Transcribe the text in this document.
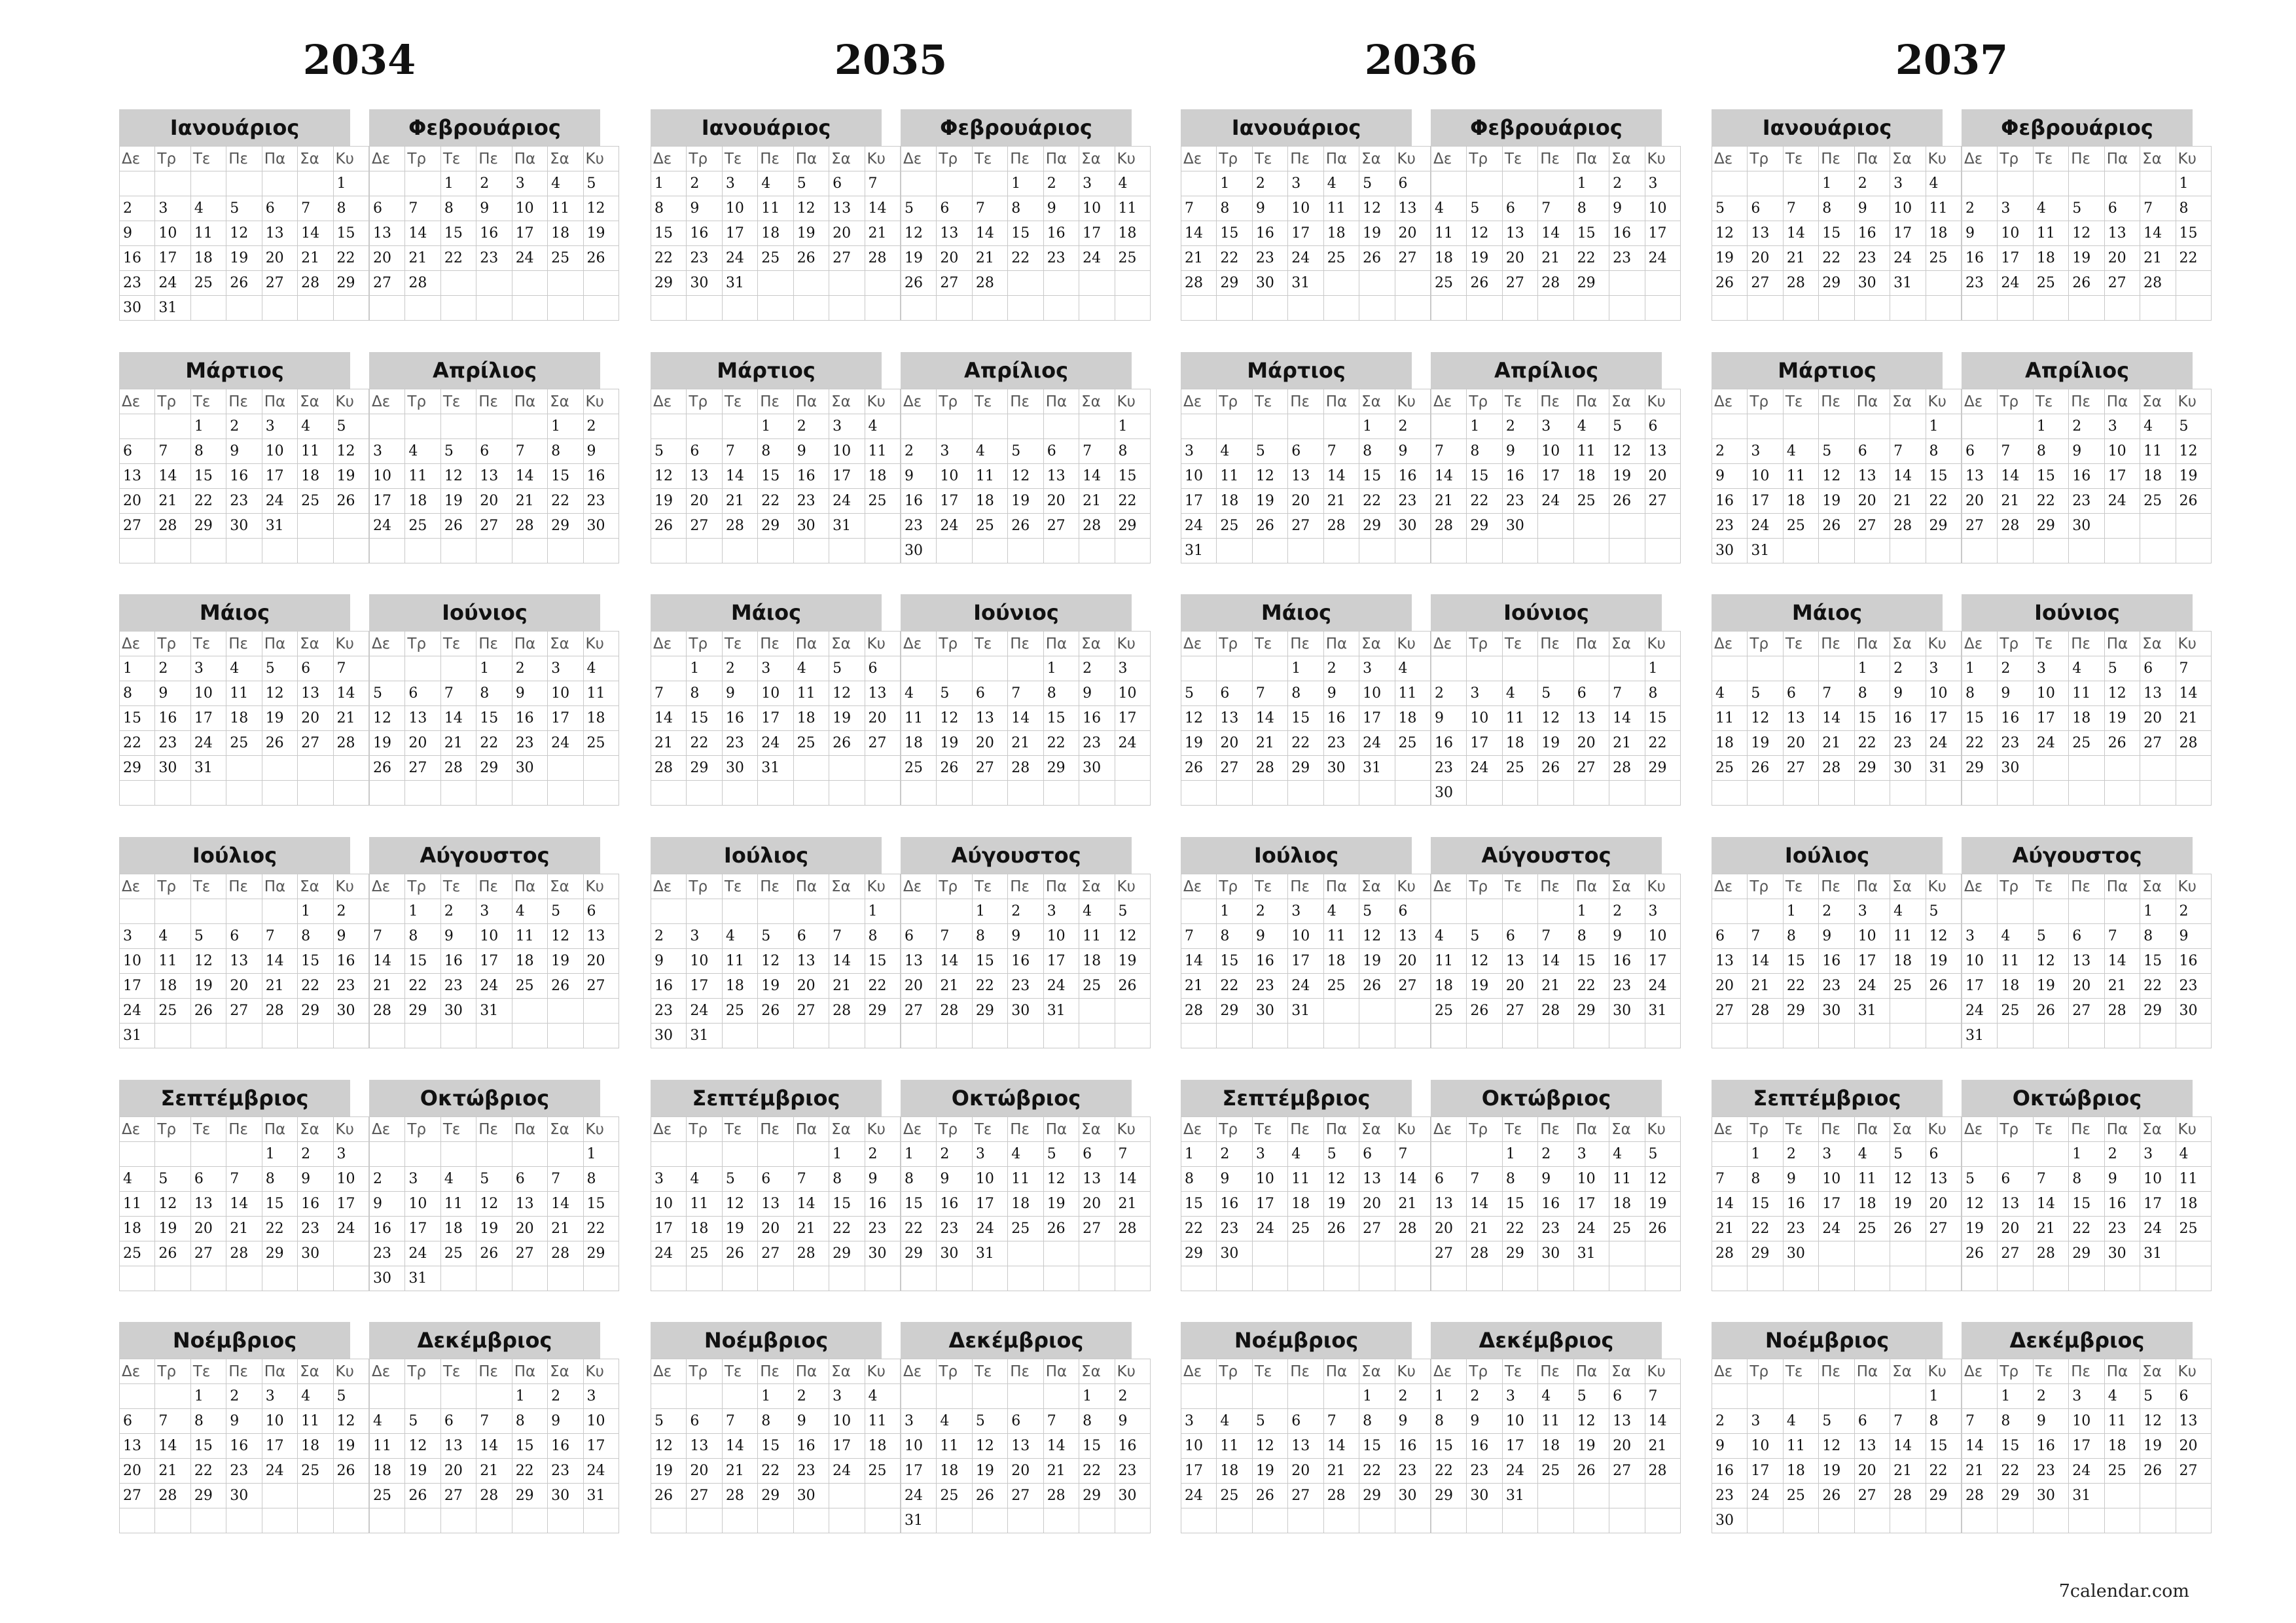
2034
Ιανουάριος
Δε	Τρ	Τε	Πε	Πα	Σα	Κυ
						1
2	3	4	5	6	7	8
9	10	11	12	13	14	15
16	17	18	19	20	21	22
23	24	25	26	27	28	29
30	31					
Φεβρουάριος
Δε	Τρ	Τε	Πε	Πα	Σα	Κυ
		1	2	3	4	5
6	7	8	9	10	11	12
13	14	15	16	17	18	19
20	21	22	23	24	25	26
27	28					

Μάρτιος
Δε	Τρ	Τε	Πε	Πα	Σα	Κυ
		1	2	3	4	5
6	7	8	9	10	11	12
13	14	15	16	17	18	19
20	21	22	23	24	25	26
27	28	29	30	31		

Απρίλιος
Δε	Τρ	Τε	Πε	Πα	Σα	Κυ
					1	2
3	4	5	6	7	8	9
10	11	12	13	14	15	16
17	18	19	20	21	22	23
24	25	26	27	28	29	30

Μάιος
Δε	Τρ	Τε	Πε	Πα	Σα	Κυ
1	2	3	4	5	6	7
8	9	10	11	12	13	14
15	16	17	18	19	20	21
22	23	24	25	26	27	28
29	30	31				

Ιούνιος
Δε	Τρ	Τε	Πε	Πα	Σα	Κυ
			1	2	3	4
5	6	7	8	9	10	11
12	13	14	15	16	17	18
19	20	21	22	23	24	25
26	27	28	29	30		

Ιούλιος
Δε	Τρ	Τε	Πε	Πα	Σα	Κυ
					1	2
3	4	5	6	7	8	9
10	11	12	13	14	15	16
17	18	19	20	21	22	23
24	25	26	27	28	29	30
31						
Αύγουστος
Δε	Τρ	Τε	Πε	Πα	Σα	Κυ
	1	2	3	4	5	6
7	8	9	10	11	12	13
14	15	16	17	18	19	20
21	22	23	24	25	26	27
28	29	30	31			

Σεπτέμβριος
Δε	Τρ	Τε	Πε	Πα	Σα	Κυ
				1	2	3
4	5	6	7	8	9	10
11	12	13	14	15	16	17
18	19	20	21	22	23	24
25	26	27	28	29	30	

Οκτώβριος
Δε	Τρ	Τε	Πε	Πα	Σα	Κυ
						1
2	3	4	5	6	7	8
9	10	11	12	13	14	15
16	17	18	19	20	21	22
23	24	25	26	27	28	29
30	31					
Νοέμβριος
Δε	Τρ	Τε	Πε	Πα	Σα	Κυ
		1	2	3	4	5
6	7	8	9	10	11	12
13	14	15	16	17	18	19
20	21	22	23	24	25	26
27	28	29	30			

Δεκέμβριος
Δε	Τρ	Τε	Πε	Πα	Σα	Κυ
				1	2	3
4	5	6	7	8	9	10
11	12	13	14	15	16	17
18	19	20	21	22	23	24
25	26	27	28	29	30	31

2035
Ιανουάριος
Δε	Τρ	Τε	Πε	Πα	Σα	Κυ
1	2	3	4	5	6	7
8	9	10	11	12	13	14
15	16	17	18	19	20	21
22	23	24	25	26	27	28
29	30	31				

Φεβρουάριος
Δε	Τρ	Τε	Πε	Πα	Σα	Κυ
			1	2	3	4
5	6	7	8	9	10	11
12	13	14	15	16	17	18
19	20	21	22	23	24	25
26	27	28				

Μάρτιος
Δε	Τρ	Τε	Πε	Πα	Σα	Κυ
			1	2	3	4
5	6	7	8	9	10	11
12	13	14	15	16	17	18
19	20	21	22	23	24	25
26	27	28	29	30	31	

Απρίλιος
Δε	Τρ	Τε	Πε	Πα	Σα	Κυ
						1
2	3	4	5	6	7	8
9	10	11	12	13	14	15
16	17	18	19	20	21	22
23	24	25	26	27	28	29
30						
Μάιος
Δε	Τρ	Τε	Πε	Πα	Σα	Κυ
	1	2	3	4	5	6
7	8	9	10	11	12	13
14	15	16	17	18	19	20
21	22	23	24	25	26	27
28	29	30	31			

Ιούνιος
Δε	Τρ	Τε	Πε	Πα	Σα	Κυ
				1	2	3
4	5	6	7	8	9	10
11	12	13	14	15	16	17
18	19	20	21	22	23	24
25	26	27	28	29	30	

Ιούλιος
Δε	Τρ	Τε	Πε	Πα	Σα	Κυ
						1
2	3	4	5	6	7	8
9	10	11	12	13	14	15
16	17	18	19	20	21	22
23	24	25	26	27	28	29
30	31					
Αύγουστος
Δε	Τρ	Τε	Πε	Πα	Σα	Κυ
		1	2	3	4	5
6	7	8	9	10	11	12
13	14	15	16	17	18	19
20	21	22	23	24	25	26
27	28	29	30	31		

Σεπτέμβριος
Δε	Τρ	Τε	Πε	Πα	Σα	Κυ
					1	2
3	4	5	6	7	8	9
10	11	12	13	14	15	16
17	18	19	20	21	22	23
24	25	26	27	28	29	30

Οκτώβριος
Δε	Τρ	Τε	Πε	Πα	Σα	Κυ
1	2	3	4	5	6	7
8	9	10	11	12	13	14
15	16	17	18	19	20	21
22	23	24	25	26	27	28
29	30	31				

Νοέμβριος
Δε	Τρ	Τε	Πε	Πα	Σα	Κυ
			1	2	3	4
5	6	7	8	9	10	11
12	13	14	15	16	17	18
19	20	21	22	23	24	25
26	27	28	29	30		

Δεκέμβριος
Δε	Τρ	Τε	Πε	Πα	Σα	Κυ
					1	2
3	4	5	6	7	8	9
10	11	12	13	14	15	16
17	18	19	20	21	22	23
24	25	26	27	28	29	30
31						
2036
Ιανουάριος
Δε	Τρ	Τε	Πε	Πα	Σα	Κυ
	1	2	3	4	5	6
7	8	9	10	11	12	13
14	15	16	17	18	19	20
21	22	23	24	25	26	27
28	29	30	31			

Φεβρουάριος
Δε	Τρ	Τε	Πε	Πα	Σα	Κυ
				1	2	3
4	5	6	7	8	9	10
11	12	13	14	15	16	17
18	19	20	21	22	23	24
25	26	27	28	29		

Μάρτιος
Δε	Τρ	Τε	Πε	Πα	Σα	Κυ
					1	2
3	4	5	6	7	8	9
10	11	12	13	14	15	16
17	18	19	20	21	22	23
24	25	26	27	28	29	30
31						
Απρίλιος
Δε	Τρ	Τε	Πε	Πα	Σα	Κυ
	1	2	3	4	5	6
7	8	9	10	11	12	13
14	15	16	17	18	19	20
21	22	23	24	25	26	27
28	29	30				

Μάιος
Δε	Τρ	Τε	Πε	Πα	Σα	Κυ
			1	2	3	4
5	6	7	8	9	10	11
12	13	14	15	16	17	18
19	20	21	22	23	24	25
26	27	28	29	30	31	

Ιούνιος
Δε	Τρ	Τε	Πε	Πα	Σα	Κυ
						1
2	3	4	5	6	7	8
9	10	11	12	13	14	15
16	17	18	19	20	21	22
23	24	25	26	27	28	29
30						
Ιούλιος
Δε	Τρ	Τε	Πε	Πα	Σα	Κυ
	1	2	3	4	5	6
7	8	9	10	11	12	13
14	15	16	17	18	19	20
21	22	23	24	25	26	27
28	29	30	31			

Αύγουστος
Δε	Τρ	Τε	Πε	Πα	Σα	Κυ
				1	2	3
4	5	6	7	8	9	10
11	12	13	14	15	16	17
18	19	20	21	22	23	24
25	26	27	28	29	30	31

Σεπτέμβριος
Δε	Τρ	Τε	Πε	Πα	Σα	Κυ
1	2	3	4	5	6	7
8	9	10	11	12	13	14
15	16	17	18	19	20	21
22	23	24	25	26	27	28
29	30					

Οκτώβριος
Δε	Τρ	Τε	Πε	Πα	Σα	Κυ
		1	2	3	4	5
6	7	8	9	10	11	12
13	14	15	16	17	18	19
20	21	22	23	24	25	26
27	28	29	30	31		

Νοέμβριος
Δε	Τρ	Τε	Πε	Πα	Σα	Κυ
					1	2
3	4	5	6	7	8	9
10	11	12	13	14	15	16
17	18	19	20	21	22	23
24	25	26	27	28	29	30

Δεκέμβριος
Δε	Τρ	Τε	Πε	Πα	Σα	Κυ
1	2	3	4	5	6	7
8	9	10	11	12	13	14
15	16	17	18	19	20	21
22	23	24	25	26	27	28
29	30	31				

2037
Ιανουάριος
Δε	Τρ	Τε	Πε	Πα	Σα	Κυ
			1	2	3	4
5	6	7	8	9	10	11
12	13	14	15	16	17	18
19	20	21	22	23	24	25
26	27	28	29	30	31	

Φεβρουάριος
Δε	Τρ	Τε	Πε	Πα	Σα	Κυ
						1
2	3	4	5	6	7	8
9	10	11	12	13	14	15
16	17	18	19	20	21	22
23	24	25	26	27	28	

Μάρτιος
Δε	Τρ	Τε	Πε	Πα	Σα	Κυ
						1
2	3	4	5	6	7	8
9	10	11	12	13	14	15
16	17	18	19	20	21	22
23	24	25	26	27	28	29
30	31					
Απρίλιος
Δε	Τρ	Τε	Πε	Πα	Σα	Κυ
		1	2	3	4	5
6	7	8	9	10	11	12
13	14	15	16	17	18	19
20	21	22	23	24	25	26
27	28	29	30			

Μάιος
Δε	Τρ	Τε	Πε	Πα	Σα	Κυ
				1	2	3
4	5	6	7	8	9	10
11	12	13	14	15	16	17
18	19	20	21	22	23	24
25	26	27	28	29	30	31

Ιούνιος
Δε	Τρ	Τε	Πε	Πα	Σα	Κυ
1	2	3	4	5	6	7
8	9	10	11	12	13	14
15	16	17	18	19	20	21
22	23	24	25	26	27	28
29	30					

Ιούλιος
Δε	Τρ	Τε	Πε	Πα	Σα	Κυ
		1	2	3	4	5
6	7	8	9	10	11	12
13	14	15	16	17	18	19
20	21	22	23	24	25	26
27	28	29	30	31		

Αύγουστος
Δε	Τρ	Τε	Πε	Πα	Σα	Κυ
					1	2
3	4	5	6	7	8	9
10	11	12	13	14	15	16
17	18	19	20	21	22	23
24	25	26	27	28	29	30
31						
Σεπτέμβριος
Δε	Τρ	Τε	Πε	Πα	Σα	Κυ
	1	2	3	4	5	6
7	8	9	10	11	12	13
14	15	16	17	18	19	20
21	22	23	24	25	26	27
28	29	30				

Οκτώβριος
Δε	Τρ	Τε	Πε	Πα	Σα	Κυ
			1	2	3	4
5	6	7	8	9	10	11
12	13	14	15	16	17	18
19	20	21	22	23	24	25
26	27	28	29	30	31	

Νοέμβριος
Δε	Τρ	Τε	Πε	Πα	Σα	Κυ
						1
2	3	4	5	6	7	8
9	10	11	12	13	14	15
16	17	18	19	20	21	22
23	24	25	26	27	28	29
30						
Δεκέμβριος
Δε	Τρ	Τε	Πε	Πα	Σα	Κυ
	1	2	3	4	5	6
7	8	9	10	11	12	13
14	15	16	17	18	19	20
21	22	23	24	25	26	27
28	29	30	31			

7calendar.com
